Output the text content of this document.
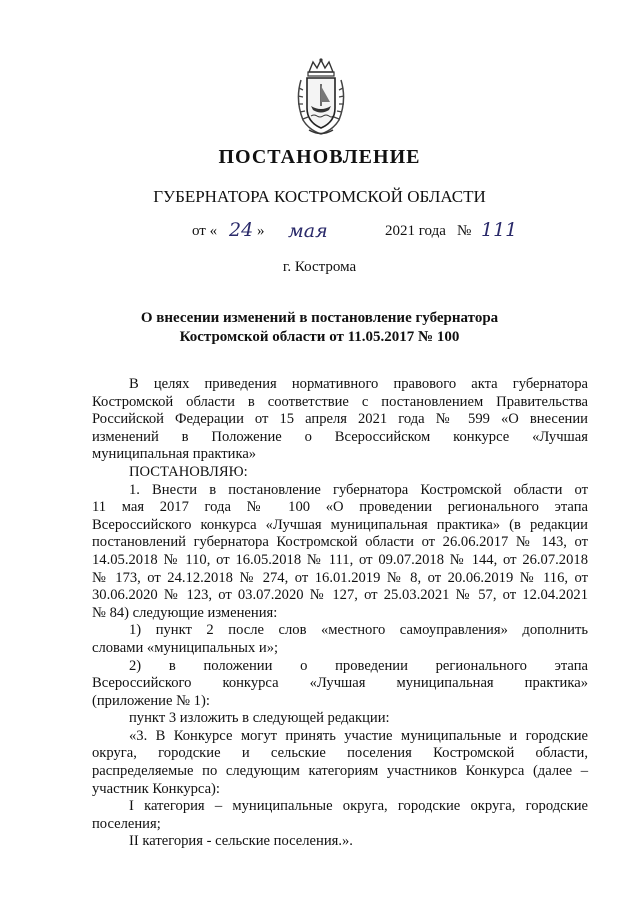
ПОСТАНОВЛЕНИЕ
ГУБЕРНАТОРА КОСТРОМСКОЙ ОБЛАСТИ
от « 24 » мая	2021 года № 111
г. Кострома
О внесении изменений в постановление губернатора
Костромской области от 11.05.2017 № 100
В целях приведения нормативного правового акта губернатора
Костромской области в соответствие с постановлением Правительства
Российской Федерации от 15 апреля 2021 года № 599 «О внесении
изменений в Положение о Всероссийском конкурсе «Лучшая
муниципальная практика»
ПОСТАНОВЛЯЮ:
1. Внести в постановление губернатора Костромской области от
11 мая 2017 года № 100 «О проведении регионального этапа
Всероссийского конкурса «Лучшая муниципальная практика» (в редакции
постановлений губернатора Костромской области от 26.06.2017 № 143, от
14.05.2018 № 110, от 16.05.2018 № 111, от 09.07.2018 № 144, от 26.07.2018
№ 173, от 24.12.2018 № 274, от 16.01.2019 № 8, от 20.06.2019 № 116, от
30.06.2020 № 123, от 03.07.2020 № 127, от 25.03.2021 № 57, от 12.04.2021
№ 84) следующие изменения:
1) пункт 2 после слов «местного самоуправления» дополнить
словами «муниципальных и»;
2) в положении о проведении регионального этапа
Всероссийского конкурса «Лучшая муниципальная практика»
(приложение № 1):
пункт 3 изложить в следующей редакции:
«3. В Конкурсе могут принять участие муниципальные и городские
округа, городские и сельские поселения Костромской области,
распределяемые по следующим категориям участников Конкурса (далее –
участник Конкурса):
I категория – муниципальные округа, городские округа, городские
поселения;
II категория - сельские поселения.».
